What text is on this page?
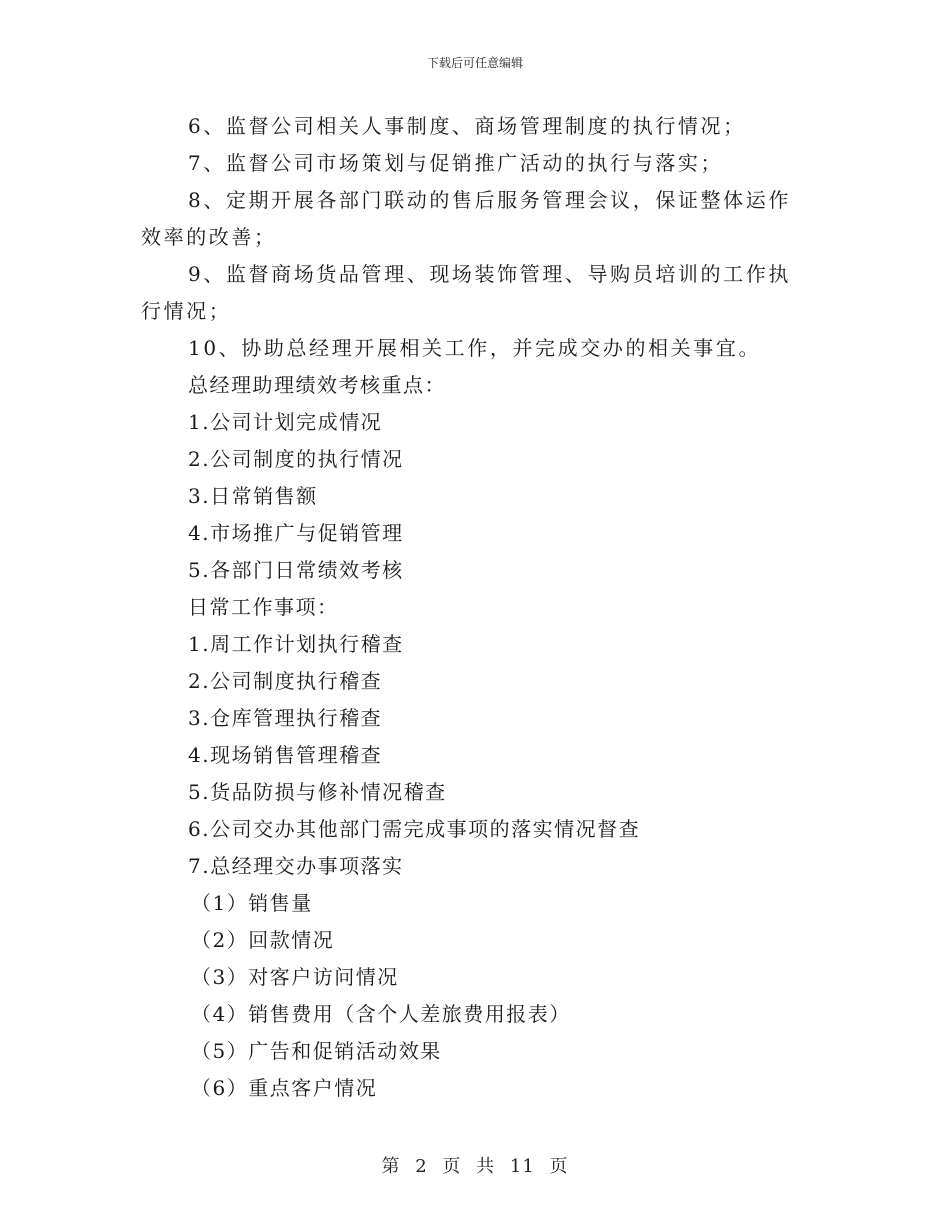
下载后可任意编辑

6、监督公司相关人事制度、商场管理制度的执行情况；

7、监督公司市场策划与促销推广活动的执行与落实；

8、定期开展各部门联动的售后服务管理会议，保证整体运作效率的改善；

9、监督商场货品管理、现场装饰管理、导购员培训的工作执行情况；

10、协助总经理开展相关工作，并完成交办的相关事宜。

总经理助理绩效考核重点：

1.公司计划完成情况

2.公司制度的执行情况

3.日常销售额

4.市场推广与促销管理

5.各部门日常绩效考核

日常工作事项：

1.周工作计划执行稽查

2.公司制度执行稽查

3.仓库管理执行稽查

4.现场销售管理稽查

5.货品防损与修补情况稽查

6.公司交办其他部门需完成事项的落实情况督查

7.总经理交办事项落实

（1）销售量

（2）回款情况

（3）对客户访问情况

（4）销售费用（含个人差旅费用报表）

（5）广告和促销活动效果

（6）重点客户情况

第 2 页 共 11 页
